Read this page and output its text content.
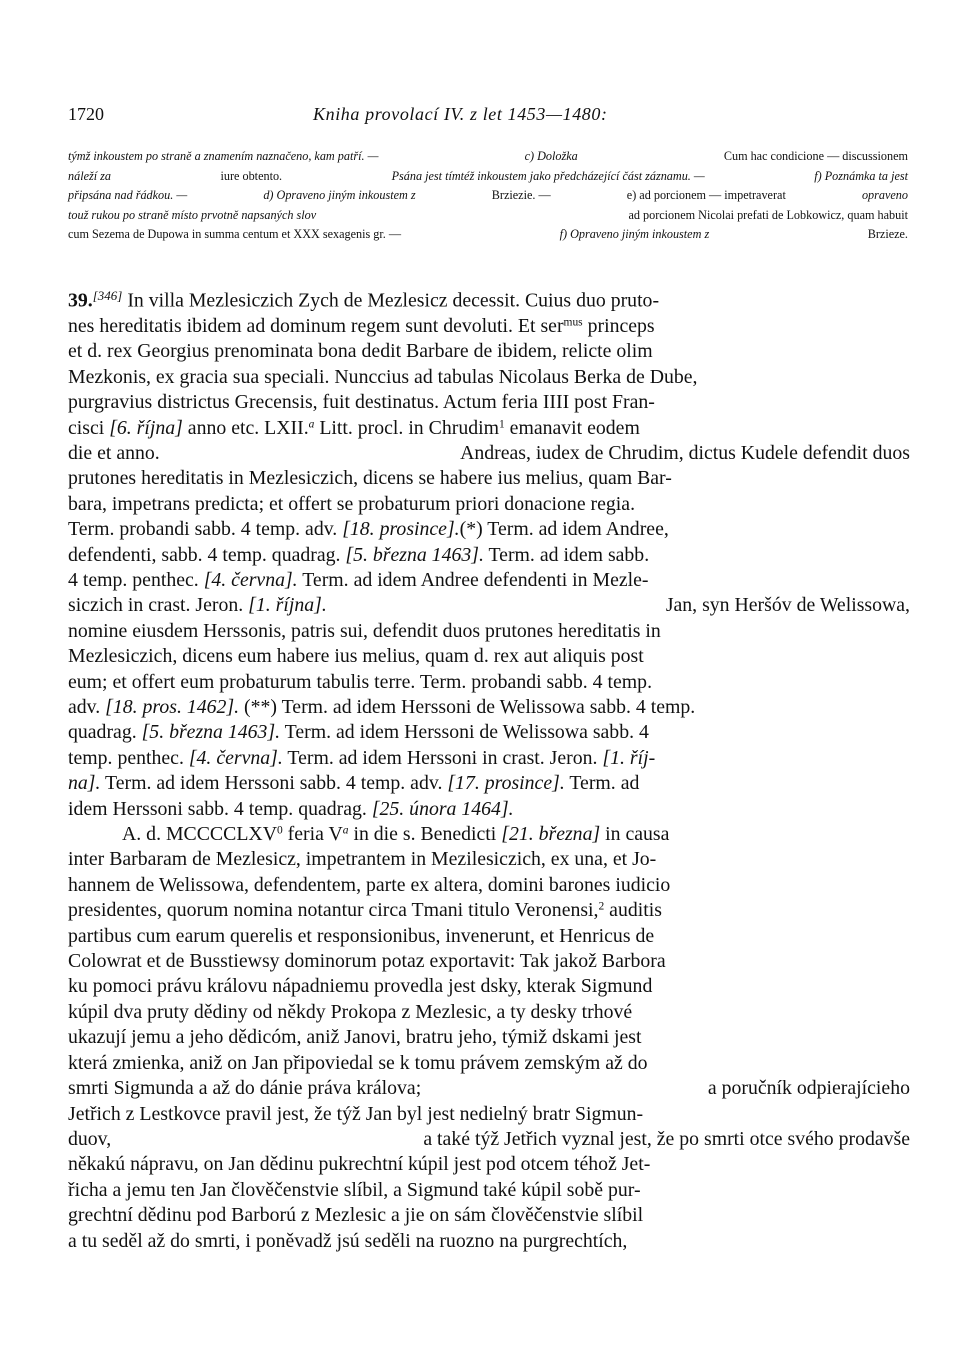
1720	Kniha provolací IV. z let 1453—1480:
týmž inkoustem po straně a znamením naznačeno, kam patří. —	c) Doložka	Cum hac condicione — discussionem
náleží za	iure obtento.	Psána jest tímtéž inkoustem jako předcházející část záznamu. —	f) Poznámka ta jest
připsána nad řádkou. —	d) Opraveno jiným inkoustem z	Brziezie. —	e) ad porcionem — impetraverat	opraveno
touž rukou po straně místo prvotně napsaných slov	ad porcionem Nicolai prefati de Lobkowicz, quam habuit
cum Sezema de Dupowa in summa centum et XXX sexagenis gr. —	f) Opraveno jiným inkoustem z	Brzieze.
39.[346] In villa Mezlesiczich Zych de Mezlesicz decessit. Cuius duo pruto-
nes hereditatis ibidem ad dominum regem sunt devoluti. Et ser$^{mus}$ princeps
et d. rex Georgius prenominata bona dedit Barbare de ibidem, relicte olim
Mezkonis, ex gracia sua speciali. Nunccius ad tabulas Nicolaus Berka de Dube,
purgravius districtus Grecensis, fuit destinatus. Actum feria IIII post Fran-
cisci [6. října] anno etc. LXII.$^a$ Litt. procl. in Chrudim$^1$ emanavit eodem
die et anno.	Andreas, iudex de Chrudim, dictus Kudele defendit duos
prutones hereditatis in Mezlesiczich, dicens se habere ius melius, quam Bar-
bara, impetrans predicta; et offert se probaturum priori donacione regia.
Term. probandi sabb. 4 temp. adv. [18. prosince].(*) Term. ad idem Andree,
defendenti, sabb. 4 temp. quadrag. [5. března 1463]. Term. ad idem sabb.
4 temp. penthec. [4. června]. Term. ad idem Andree defendenti in Mezle-
siczich in crast. Jeron. [1. října].	Jan, syn Heršóv de Welissowa,
nomine eiusdem Herssonis, patris sui, defendit duos prutones hereditatis in
Mezlesiczich, dicens eum habere ius melius, quam d. rex aut aliquis post
eum; et offert eum probaturum tabulis terre. Term. probandi sabb. 4 temp.
adv. [18. pros. 1462]. (**) Term. ad idem Herssoni de Welissowa sabb. 4 temp.
quadrag. [5. března 1463]. Term. ad idem Herssoni de Welissowa sabb. 4
temp. penthec. [4. června]. Term. ad idem Herssoni in crast. Jeron. [1. říj-
na]. Term. ad idem Herssoni sabb. 4 temp. adv. [17. prosince]. Term. ad
idem Herssoni sabb. 4 temp. quadrag. [25. února 1464].
A. d. MCCCCLXV$^0$ feria $V^a$ in die s. Benedicti [21. března] in causa
inter Barbaram de Mezlesicz, impetrantem in Mezilesiczich, ex una, et Jo-
hannem de Welissowa, defendentem, parte ex altera, domini barones iudicio
presidentes, quorum nomina notantur circa Tmani titulo Veronensi,$^2$ auditis
partibus cum earum querelis et responsionibus, invenerunt, et Henricus de
Colowrat et de Busstiewsy dominorum potaz exportavit: Tak jakož Barbora
ku pomoci právu královu nápadniemu provedla jest dsky, kterak Sigmund
kúpil dva pruty dědiny od někdy Prokopa z Mezlesic, a ty desky trhové
ukazují jemu a jeho dědicóm, aniž Janovi, bratru jeho, týmiž dskami jest
která zmienka, aniž on Jan připoviedal se k tomu právem zemským až do
smrti Sigmunda a až do dánie práva králova;	a poručník odpierajícieho
Jetřich z Lestkovce pravil jest, že týž Jan byl jest nedielný bratr Sigmun-
duov,	a také týž Jetřich vyznal jest, že po smrti otce svého prodavše
někakú nápravu, on Jan dědinu pukrechtní kúpil jest pod otcem téhož Jet-
řicha a jemu ten Jan člověčenstvie slíbil, a Sigmund také kúpil sobě pur-
grechtní dědinu pod Barború z Mezlesic a jie on sám člověčenstvie slíbil
a tu seděl až do smrti, i poněvadž jsú seděli na ruozno na purgrechtích,
